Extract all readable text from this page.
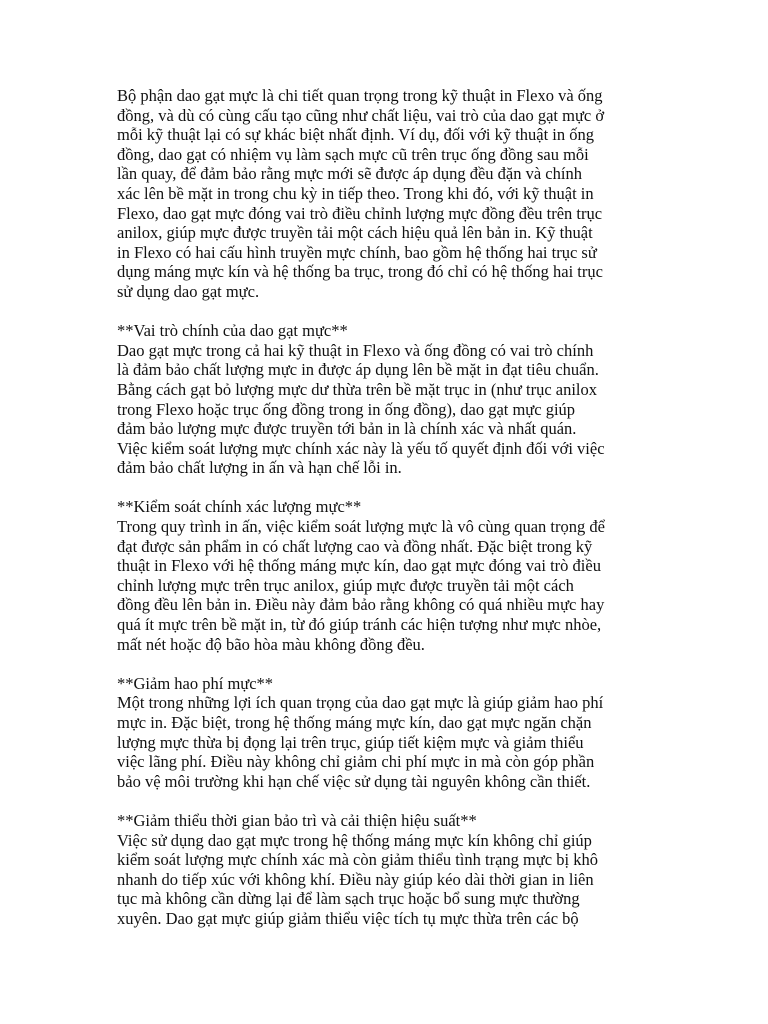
Bộ phận dao gạt mực là chi tiết quan trọng trong kỹ thuật in Flexo và ống
đồng, và dù có cùng cấu tạo cũng như chất liệu, vai trò của dao gạt mực ở
mỗi kỹ thuật lại có sự khác biệt nhất định. Ví dụ, đối với kỹ thuật in ống
đồng, dao gạt có nhiệm vụ làm sạch mực cũ trên trục ống đồng sau mỗi
lần quay, để đảm bảo rằng mực mới sẽ được áp dụng đều đặn và chính
xác lên bề mặt in trong chu kỳ in tiếp theo. Trong khi đó, với kỹ thuật in
Flexo, dao gạt mực đóng vai trò điều chỉnh lượng mực đồng đều trên trục
anilox, giúp mực được truyền tải một cách hiệu quả lên bản in. Kỹ thuật
in Flexo có hai cấu hình truyền mực chính, bao gồm hệ thống hai trục sử
dụng máng mực kín và hệ thống ba trục, trong đó chỉ có hệ thống hai trục
sử dụng dao gạt mực.
**Vai trò chính của dao gạt mực**
Dao gạt mực trong cả hai kỹ thuật in Flexo và ống đồng có vai trò chính
là đảm bảo chất lượng mực in được áp dụng lên bề mặt in đạt tiêu chuẩn.
Bằng cách gạt bỏ lượng mực dư thừa trên bề mặt trục in (như trục anilox
trong Flexo hoặc trục ống đồng trong in ống đồng), dao gạt mực giúp
đảm bảo lượng mực được truyền tới bản in là chính xác và nhất quán.
Việc kiểm soát lượng mực chính xác này là yếu tố quyết định đối với việc
đảm bảo chất lượng in ấn và hạn chế lỗi in.
**Kiểm soát chính xác lượng mực**
Trong quy trình in ấn, việc kiểm soát lượng mực là vô cùng quan trọng để
đạt được sản phẩm in có chất lượng cao và đồng nhất. Đặc biệt trong kỹ
thuật in Flexo với hệ thống máng mực kín, dao gạt mực đóng vai trò điều
chỉnh lượng mực trên trục anilox, giúp mực được truyền tải một cách
đồng đều lên bản in. Điều này đảm bảo rằng không có quá nhiều mực hay
quá ít mực trên bề mặt in, từ đó giúp tránh các hiện tượng như mực nhòe,
mất nét hoặc độ bão hòa màu không đồng đều.
**Giảm hao phí mực**
Một trong những lợi ích quan trọng của dao gạt mực là giúp giảm hao phí
mực in. Đặc biệt, trong hệ thống máng mực kín, dao gạt mực ngăn chặn
lượng mực thừa bị đọng lại trên trục, giúp tiết kiệm mực và giảm thiểu
việc lãng phí. Điều này không chỉ giảm chi phí mực in mà còn góp phần
bảo vệ môi trường khi hạn chế việc sử dụng tài nguyên không cần thiết.
**Giảm thiểu thời gian bảo trì và cải thiện hiệu suất**
Việc sử dụng dao gạt mực trong hệ thống máng mực kín không chỉ giúp
kiểm soát lượng mực chính xác mà còn giảm thiểu tình trạng mực bị khô
nhanh do tiếp xúc với không khí. Điều này giúp kéo dài thời gian in liên
tục mà không cần dừng lại để làm sạch trục hoặc bổ sung mực thường
xuyên. Dao gạt mực giúp giảm thiểu việc tích tụ mực thừa trên các bộ
